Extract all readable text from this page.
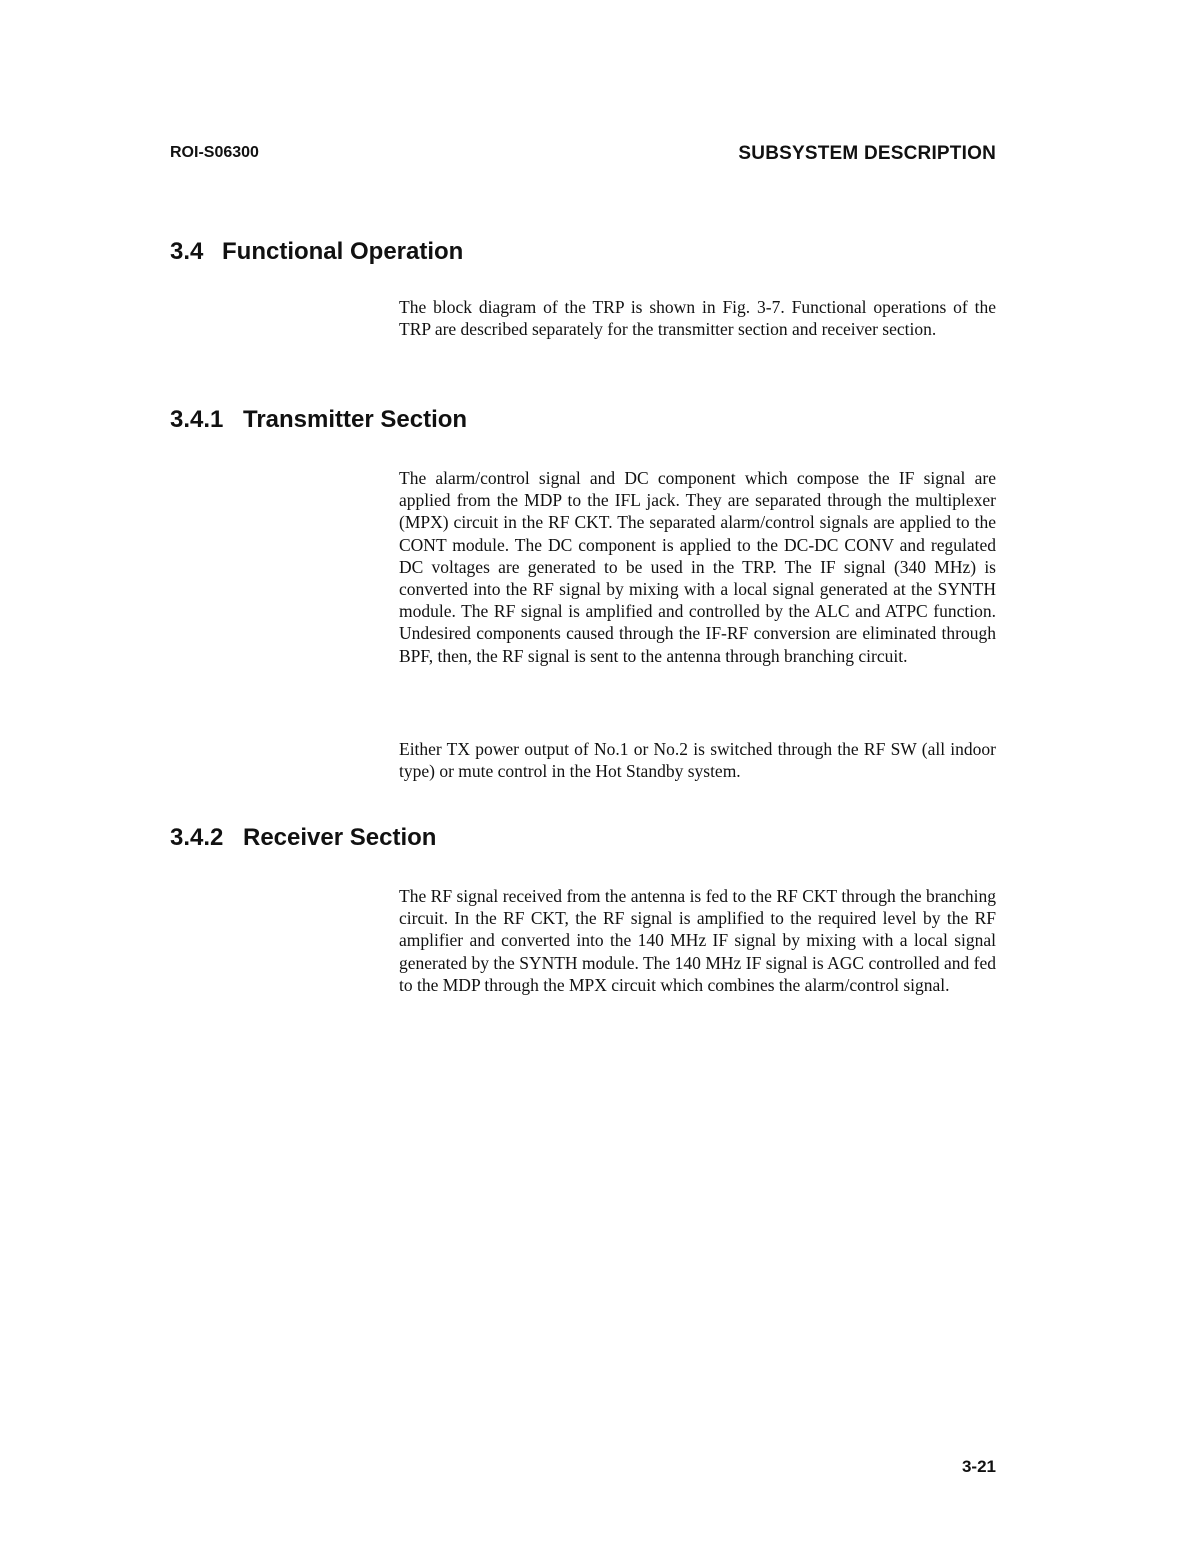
ROI-S06300	SUBSYSTEM DESCRIPTION
3.4 Functional Operation

The block diagram of the TRP is shown in Fig. 3-7. Functional operations of the TRP are described separately for the transmitter section and receiver section.

3.4.1 Transmitter Section

The alarm/control signal and DC component which compose the IF signal are applied from the MDP to the IFL jack. They are separated through the multiplexer (MPX) circuit in the RF CKT. The separated alarm/control signals are applied to the CONT module. The DC component is applied to the DC-DC CONV and regulated DC voltages are generated to be used in the TRP. The IF signal (340 MHz) is converted into the RF signal by mixing with a local signal generated at the SYNTH module. The RF signal is amplified and controlled by the ALC and ATPC function. Undesired components caused through the IF-RF conversion are eliminated through BPF, then, the RF signal is sent to the antenna through branching circuit.

Either TX power output of No.1 or No.2 is switched through the RF SW (all indoor type) or mute control in the Hot Standby system.

3.4.2 Receiver Section

The RF signal received from the antenna is fed to the RF CKT through the branching circuit. In the RF CKT, the RF signal is amplified to the required level by the RF amplifier and converted into the 140 MHz IF signal by mixing with a local signal generated by the SYNTH module. The 140 MHz IF signal is AGC controlled and fed to the MDP through the MPX circuit which combines the alarm/control signal.

3-21
